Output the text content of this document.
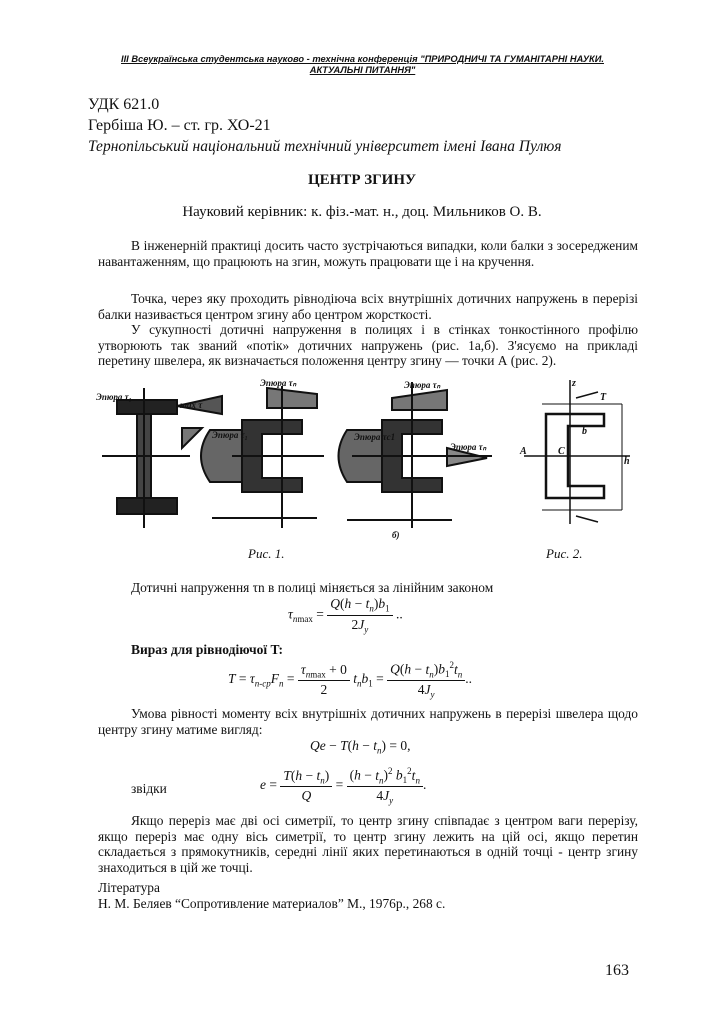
ІІІ Всеукраїнська студентська науково - технічна конференція "ПРИРОДНИЧІ ТА ГУМАНІТАРНІ НАУКИ.
АКТУАЛЬНІ ПИТАННЯ"
УДК 621.0
Гербіша Ю. – ст. гр. ХО-21
Тернопільський національний технічний університет імені Івана Пулюя
ЦЕНТР ЗГИНУ
Науковий керівник: к. фіз.-мат. н., доц. Мильников О. В.
В інженерній практиці досить часто зустрічаються випадки, коли балки з зосередженим навантаженням, що працюють на згин, можуть працювати ще і на кручення.
Точка, через яку проходить рівнодіюча всіх внутрішніх дотичних напружень в перерізі балки називається центром згину або центром жорсткості.
У сукупності дотичні напруження в полицях і в стінках тонкостінного профілю утворюють так званий «потік» дотичних напружень (рис. 1а,б). З'ясуємо на прикладі перетину швелера, як визначається положення центру згину — точки А (рис. 2).
Эпюра τ₁
max τ
Эпюра τₙ
Эпюра τ₁
Эпюра τₙ
Эпюра τc1
Эпюра τₙ
б)
z
A	C
h
T
b
Рис. 1.	Рис. 2.
Дотичні напруження τn в полиці міняється за лінійним законом
$\tau_{nmax} = \frac{Q(h - t_n)b_1}{2J_y}$ ..
Вираз для рівнодіючої T:
$T = \tau_{n-cp}F_n = \frac{\tau_{nmax} + 0}{2} t_nb_1 = \frac{Q(h - t_n)b_1^2t_n}{4J_y}$ ..
Умова рівності моменту всіх внутрішніх дотичних напружень в перерізі швелера щодо центру згину матиме вигляд:
$Qe - T(h - t_n) = 0$,
звідки	$e = \frac{T(h - t_n)}{Q} = \frac{(h - t_n)^2 b_1^2t_n}{4J_y}$ .
Якщо переріз має дві осі симетрії, то центр згину співпадає з центром ваги перерізу, якщо переріз має одну вісь симетрії, то центр згину лежить на цій осі, якщо перетин складається з прямокутників, середні лінії яких перетинаються в одній точці - центр згину знаходиться в цій же точці.
Література
Н. М. Беляев “Сопротивление материалов” М., 1976р., 268 с.
163
